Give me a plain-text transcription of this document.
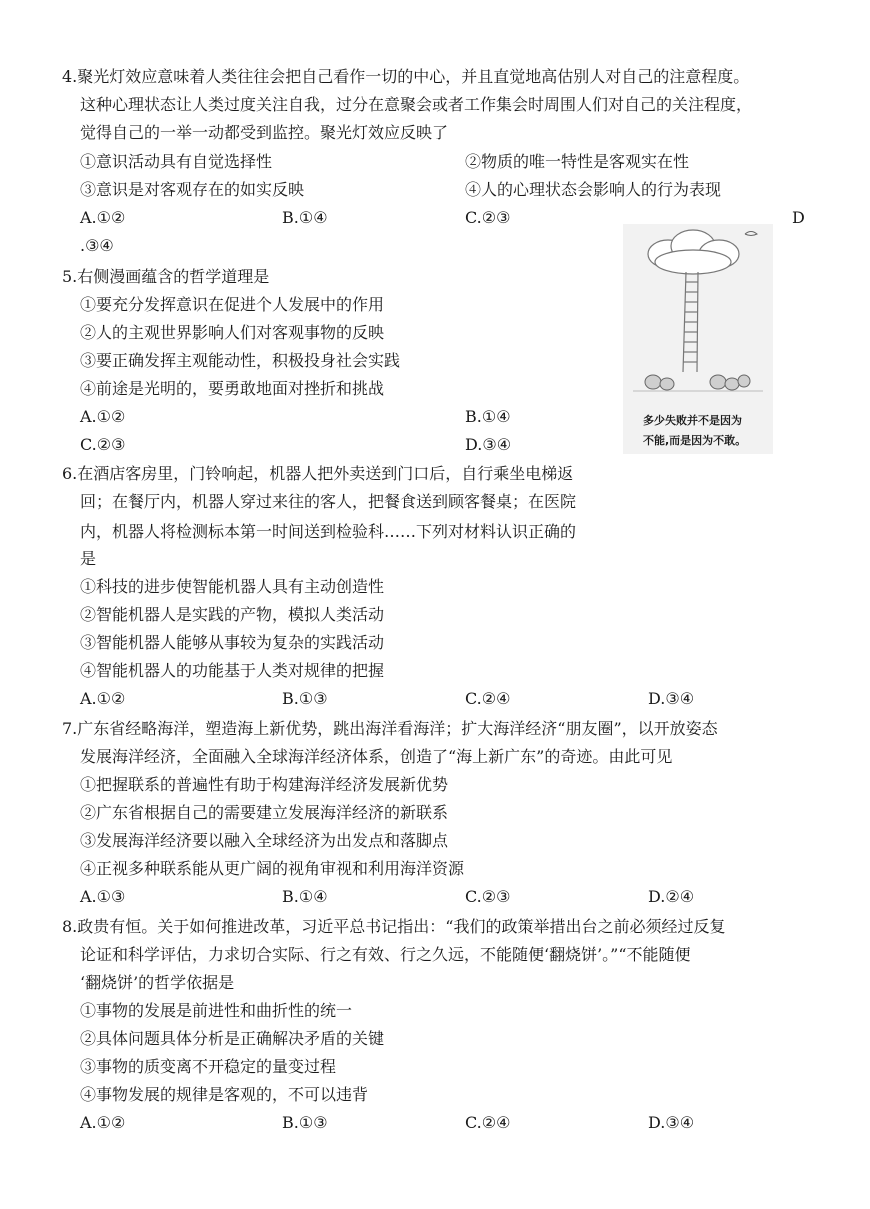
4.聚光灯效应意味着人类往往会把自己看作一切的中心，并且直觉地高估别人对自己的注意程度。
这种心理状态让人类过度关注自我，过分在意聚会或者工作集会时周围人们对自己的关注程度，
觉得自己的一举一动都受到监控。聚光灯效应反映了
①意识活动具有自觉选择性	②物质的唯一特性是客观实在性
③意识是对客观存在的如实反映	④人的心理状态会影响人的行为表现
A.①②	B.①④	C.②③	D
.③④
5.右侧漫画蕴含的哲学道理是
①要充分发挥意识在促进个人发展中的作用
②人的主观世界影响人们对客观事物的反映
③要正确发挥主观能动性，积极投身社会实践
④前途是光明的，要勇敢地面对挫折和挑战
A.①②	B.①④
C.②③	D.③④
多少失败并不是因为
不能,而是因为不敢。
6.在酒店客房里，门铃响起，机器人把外卖送到门口后，自行乘坐电梯返
回；在餐厅内，机器人穿过来往的客人，把餐食送到顾客餐桌；在医院
内，机器人将检测标本第一时间送到检验科……下列对材料认识正确的
是
①科技的进步使智能机器人具有主动创造性
②智能机器人是实践的产物，模拟人类活动
③智能机器人能够从事较为复杂的实践活动
④智能机器人的功能基于人类对规律的把握
A.①②	B.①③	C.②④	D.③④
7.广东省经略海洋，塑造海上新优势，跳出海洋看海洋；扩大海洋经济“朋友圈”，以开放姿态
发展海洋经济，全面融入全球海洋经济体系，创造了“海上新广东”的奇迹。由此可见
①把握联系的普遍性有助于构建海洋经济发展新优势
②广东省根据自己的需要建立发展海洋经济的新联系
③发展海洋经济要以融入全球经济为出发点和落脚点
④正视多种联系能从更广阔的视角审视和利用海洋资源
A.①③	B.①④	C.②③	D.②④
8.政贵有恒。关于如何推进改革，习近平总书记指出：“我们的政策举措出台之前必须经过反复
论证和科学评估，力求切合实际、行之有效、行之久远，不能随便‘翻烧饼’。”“不能随便
‘翻烧饼’的哲学依据是
①事物的发展是前进性和曲折性的统一
②具体问题具体分析是正确解决矛盾的关键
③事物的质变离不开稳定的量变过程
④事物发展的规律是客观的，不可以违背
A.①②	B.①③	C.②④	D.③④
